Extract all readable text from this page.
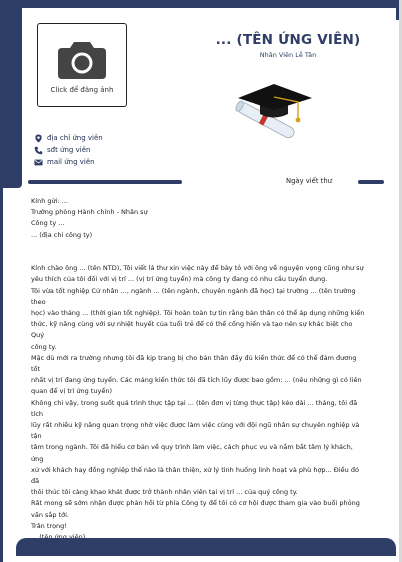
Click để đăng ảnh
... (TÊN ỨNG VIÊN)
Nhân Viên Lễ Tân
địa chỉ ứng viên
sđt ứng viên
mail ứng viên
Ngày viết thư

Kính gửi: ...

Trường phòng Hành chính - Nhân sự

Công ty ...

... (địa chỉ công ty)

Kính chào ông ... (tên NTD), Tôi viết lá thư xin việc này để bày tỏ với ông về nguyện vọng cũng như sự

yêu thích của tôi đối với vị trí ... (vị trí ứng tuyển) mà công ty đang có nhu cầu tuyển dụng.

Tôi vừa tốt nghiệp Cử nhân ..., ngành ... (tên ngành, chuyên ngành đã học) tại trường ... (tên trường theo

học) vào tháng ... (thời gian tốt nghiệp). Tôi hoàn toàn tự tin rằng bản thân có thể áp dụng những kiến

thức, kỹ năng cùng với sự nhiệt huyết của tuổi trẻ để có thể cống hiến và tạo nên sự khác biệt cho Quý

công ty.

Mặc dù mới ra trường nhưng tôi đã kịp trang bị cho bản thân đầy đủ kiến thức để có thể đảm đương tốt

nhất vị trí đang ứng tuyển. Các mảng kiến thức tôi đã tích lũy được bao gồm: ... (nêu những gì có liên

quan để vị trí ứng tuyển)

Không chỉ vậy, trong suốt quá trình thực tập tại ... (tên đơn vị từng thực tập) kéo dài ... tháng, tôi đã tích

lũy rất nhiều kỹ năng quan trọng nhờ việc được làm việc cùng với đội ngũ nhân sự chuyên nghiệp và tận

tâm trong ngành. Tôi đã hiểu cơ bản về quy trình làm việc, cách phục vụ và nắm bắt tâm lý khách, ứng

xử với khách hay đồng nghiệp thế nào là thân thiện, xử lý tình huống linh hoạt và phù hợp... Điều đó đã

thôi thúc tôi càng khao khát được trở thành nhân viên tại vị trí ... của quý công ty.

Rất mong sẽ sớm nhận được phản hồi từ phía Công ty để tôi có cơ hội được tham gia vào buổi phỏng

vấn sắp tới.

Trân trọng!
